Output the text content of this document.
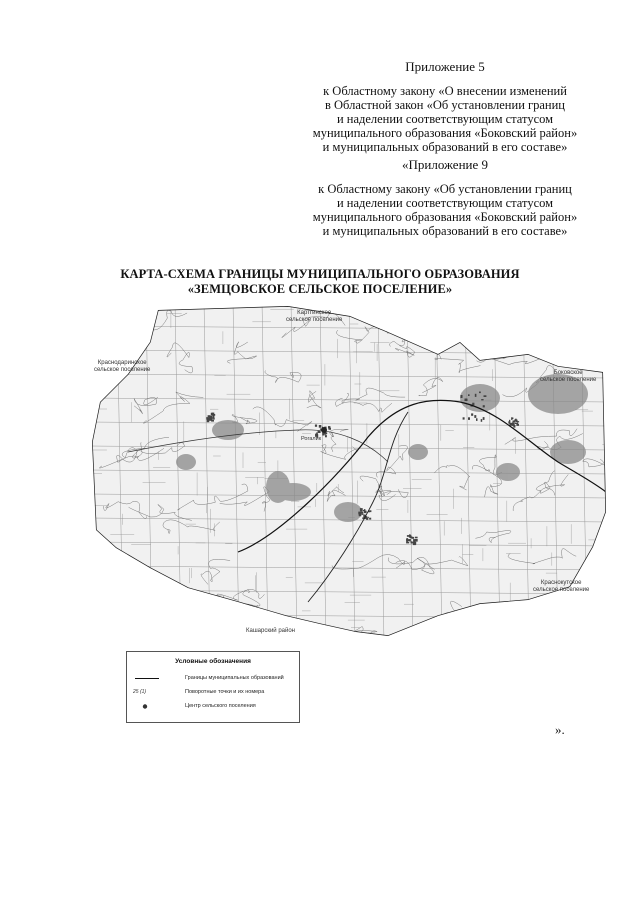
Приложение 5
к Областному закону «О внесении изменений
в Областной закон «Об установлении границ
и наделении соответствующим статусом
муниципального образования «Боковский район»
и муниципальных образований в его составе»
«Приложение 9
к Областному закону «Об установлении границ
и наделении соответствующим статусом
муниципального образования «Боковский район»
и муниципальных образований в его составе»
КАРТА-СХЕМА ГРАНИЦЫ МУНИЦИПАЛЬНОГО ОБРАЗОВАНИЯ
«ЗЕМЦОВСКОЕ СЕЛЬСКОЕ ПОСЕЛЕНИЕ»
Картгинское
сельское поселение
Краснодаринское
сельское поселение	Боковское
сельское поселение
Краснокутское
сельское поселение
Кашарский район
Рогалик
Условные обозначения
Границы муниципальных образований
25 (1)	Поворотные точки и их номера
Центр сельского поселения
».
